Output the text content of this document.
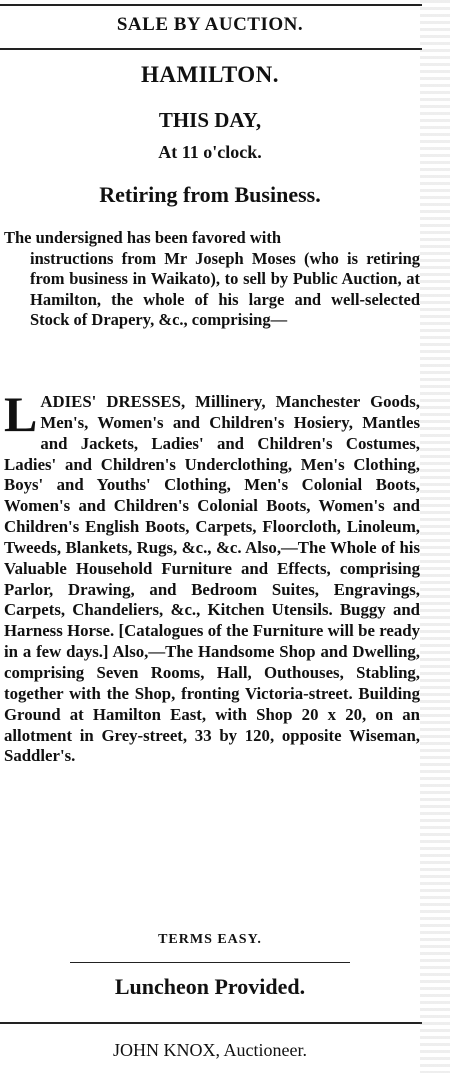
SALE BY AUCTION.
HAMILTON.
THIS DAY,
At 11 o'clock.
Retiring from Business.
The undersigned has been favored with
instructions from Mr Joseph Moses (who is retiring from business in Waikato), to sell by Public Auction, at Hamilton, the whole of his large and well-selected Stock of Drapery, &c., comprising—
L ADIES' DRESSES, Millinery, Manchester Goods, Men's, Women's and Children's Hosiery, Mantles and Jackets, Ladies' and Children's Costumes, Ladies' and Children's Underclothing, Men's Clothing, Boys' and Youths' Clothing, Men's Colonial Boots, Women's and Children's Colonial Boots, Women's and Children's English Boots, Carpets, Floorcloth, Linoleum, Tweeds, Blankets, Rugs, &c., &c. Also,—The Whole of his Valuable Household Furniture and Effects, comprising Parlor, Drawing, and Bedroom Suites, Engravings, Carpets, Chandeliers, &c., Kitchen Utensils. Buggy and Harness Horse. [Catalogues of the Furniture will be ready in a few days.] Also,—The Handsome Shop and Dwelling, comprising Seven Rooms, Hall, Outhouses, Stabling, together with the Shop, fronting Victoria-street. Building Ground at Hamilton East, with Shop 20 x 20, on an allotment in Grey-street, 33 by 120, opposite Wiseman, Saddler's.
TERMS EASY.
Luncheon Provided.
JOHN KNOX, Auctioneer.
